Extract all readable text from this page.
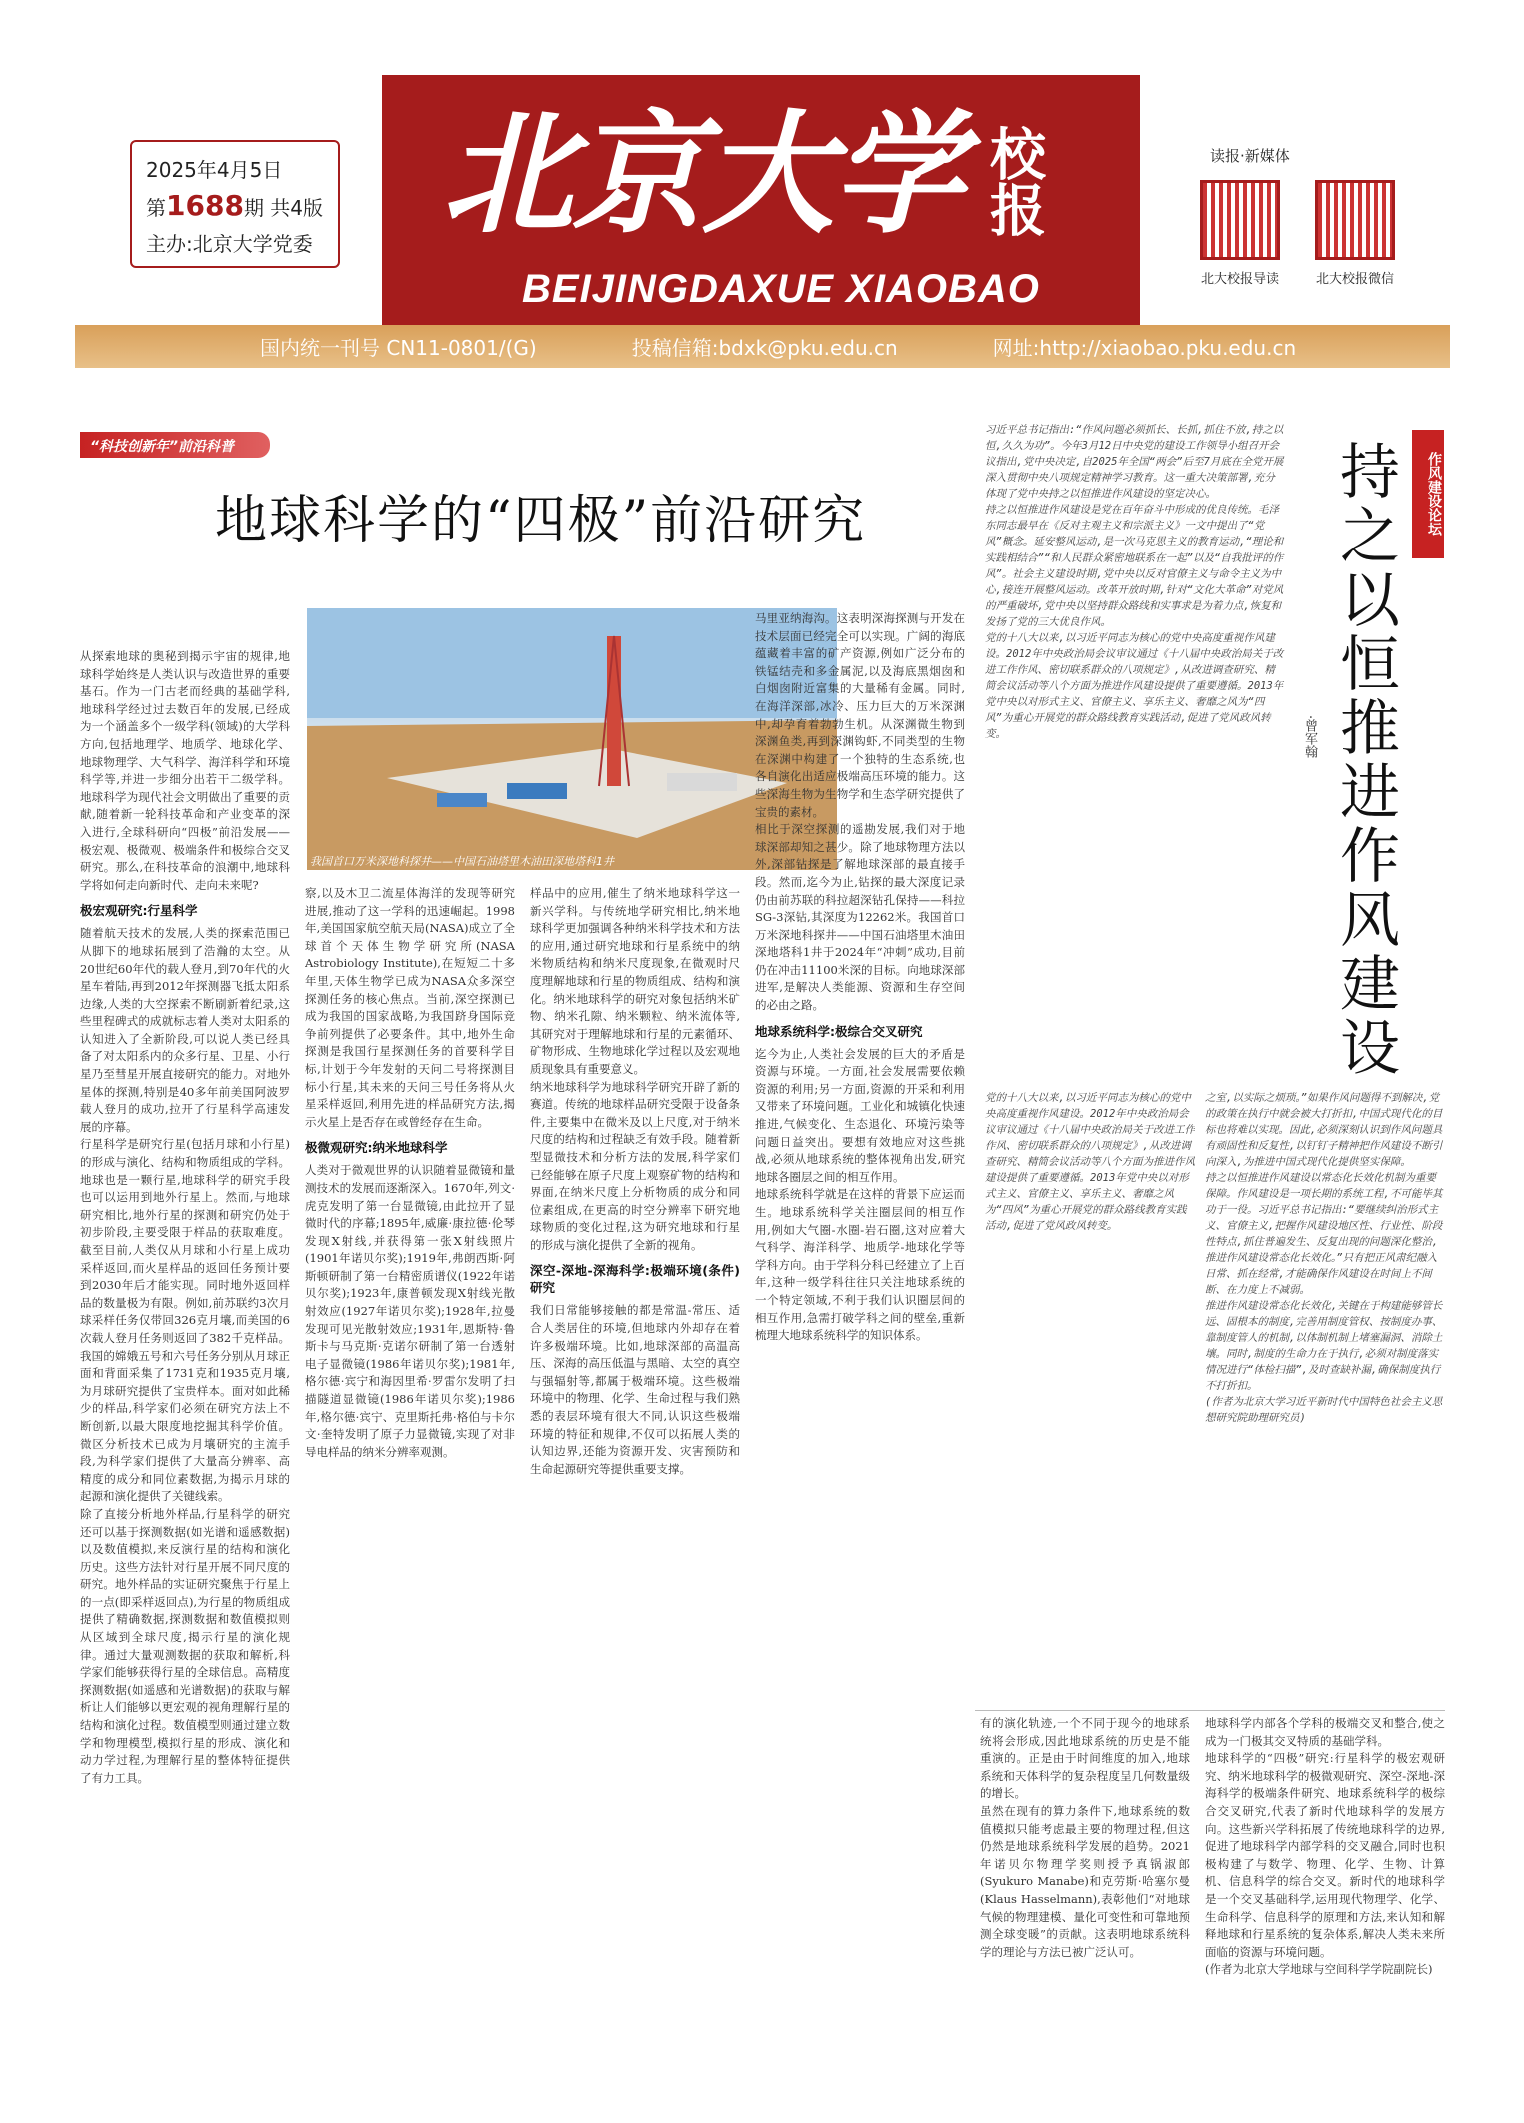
2025年4月5日
第1688期 共4版
主办:北京大学党委 北京大学 校报
BEIJINGDAXUE XIAOBAO
读报·新媒体
北大校报导读	北大校报微信
国内统一刊号 CN11-0801/(G)	投稿信箱:bdxk@pku.edu.cn	网址:http://xiaobao.pku.edu.cn
“科技创新年”前沿科普
地球科学的“四极”前沿研究
我国首口万米深地科探井——中国石油塔里木油田深地塔科1井

从探索地球的奥秘到揭示宇宙的规律,地球科学始终是人类认识与改造世界的重要基石。作为一门古老而经典的基础学科,地球科学经过过去数百年的发展,已经成为一个涵盖多个一级学科(领域)的大学科方向,包括地理学、地质学、地球化学、地球物理学、大气科学、海洋科学和环境科学等,并进一步细分出若干二级学科。地球科学为现代社会文明做出了重要的贡献,随着新一轮科技革命和产业变革的深入进行,全球科研向“四极”前沿发展——极宏观、极微观、极端条件和极综合交叉研究。那么,在科技革命的浪潮中,地球科学将如何走向新时代、走向未来呢?

极宏观研究:行星科学

随着航天技术的发展,人类的探索范围已从脚下的地球拓展到了浩瀚的太空。从20世纪60年代的载人登月,到70年代的火星车着陆,再到2012年探测器飞抵太阳系边缘,人类的大空探索不断刷新着纪录,这些里程碑式的成就标志着人类对太阳系的认知进入了全新阶段,可以说人类已经具备了对太阳系内的众多行星、卫星、小行星乃至彗星开展直接研究的能力。对地外星体的探测,特别是40多年前美国阿波罗载人登月的成功,拉开了行星科学高速发展的序幕。

行星科学是研究行星(包括月球和小行星)的形成与演化、结构和物质组成的学科。地球也是一颗行星,地球科学的研究手段也可以运用到地外行星上。然而,与地球研究相比,地外行星的探测和研究仍处于初步阶段,主要受限于样品的获取难度。截至目前,人类仅从月球和小行星上成功采样返回,而火星样品的返回任务预计要到2030年后才能实现。同时地外返回样品的数量极为有限。例如,前苏联约3次月球采样任务仅带回326克月壤,而美国的6次载人登月任务则返回了382千克样品。我国的嫦娥五号和六号任务分别从月球正面和背面采集了1731克和1935克月壤,为月球研究提供了宝贵样本。面对如此稀少的样品,科学家们必须在研究方法上不断创新,以最大限度地挖掘其科学价值。微区分析技术已成为月壤研究的主流手段,为科学家们提供了大量高分辨率、高精度的成分和同位素数据,为揭示月球的起源和演化提供了关键线索。

除了直接分析地外样品,行星科学的研究还可以基于探测数据(如光谱和遥感数据)以及数值模拟,来反演行星的结构和演化历史。这些方法针对行星开展不同尺度的研究。地外样品的实证研究聚焦于行星上的一点(即采样返回点),为行星的物质组成提供了精确数据,探测数据和数值模拟则从区域到全球尺度,揭示行星的演化规律。通过大量观测数据的获取和解析,科学家们能够获得行星的全球信息。高精度探测数据(如遥感和光谱数据)的获取与解析让人们能够以更宏观的视角理解行星的结构和演化过程。数值模型则通过建立数学和物理模型,模拟行星的形成、演化和动力学过程,为理解行星的整体特征提供了有力工具。

察,以及木卫二流星体海洋的发现等研究进展,推动了这一学科的迅速崛起。1998年,美国国家航空航天局(NASA)成立了全球首个天体生物学研究所(NASA Astrobiology Institute),在短短二十多年里,天体生物学已成为NASA众多深空探测任务的核心焦点。当前,深空探测已成为我国的国家战略,为我国跻身国际竞争前列提供了必要条件。其中,地外生命探测是我国行星探测任务的首要科学目标,计划于今年发射的天问二号将探测目标小行星,其未来的天问三号任务将从火星采样返回,利用先进的样品研究方法,揭示火星上是否存在或曾经存在生命。

极微观研究:纳米地球科学

人类对于微观世界的认识随着显微镜和量测技术的发展而逐渐深入。1670年,列文·虎克发明了第一台显微镜,由此拉开了显微时代的序幕;1895年,威廉·康拉德·伦琴发现X射线,并获得第一张X射线照片(1901年诺贝尔奖);1919年,弗朗西斯·阿斯顿研制了第一台精密质谱仪(1922年诺贝尔奖);1923年,康普顿发现X射线光散射效应(1927年诺贝尔奖);1928年,拉曼发现可见光散射效应;1931年,恩斯特·鲁斯卡与马克斯·克诺尔研制了第一台透射电子显微镜(1986年诺贝尔奖);1981年,格尔德·宾宁和海因里希·罗雷尔发明了扫描隧道显微镜(1986年诺贝尔奖);1986年,格尔德·宾宁、克里斯托弗·格伯与卡尔文·奎特发明了原子力显微镜,实现了对非导电样品的纳米分辨率观测。

样品中的应用,催生了纳米地球科学这一新兴学科。与传统地学研究相比,纳米地球科学更加强调各种纳米科学技术和方法的应用,通过研究地球和行星系统中的纳米物质结构和纳米尺度现象,在微观时尺度理解地球和行星的物质组成、结构和演化。纳米地球科学的研究对象包括纳米矿物、纳米孔隙、纳米颗粒、纳米流体等,其研究对于理解地球和行星的元素循环、矿物形成、生物地球化学过程以及宏观地质现象具有重要意义。

纳米地球科学为地球科学研究开辟了新的赛道。传统的地球样品研究受限于设备条件,主要集中在微米及以上尺度,对于纳米尺度的结构和过程缺乏有效手段。随着新型显微技术和分析方法的发展,科学家们已经能够在原子尺度上观察矿物的结构和界面,在纳米尺度上分析物质的成分和同位素组成,在更高的时空分辨率下研究地球物质的变化过程,这为研究地球和行星的形成与演化提供了全新的视角。

深空-深地-深海科学:极端环境(条件)研究

我们日常能够接触的都是常温-常压、适合人类居住的环境,但地球内外却存在着许多极端环境。比如,地球深部的高温高压、深海的高压低温与黑暗、太空的真空与强辐射等,都属于极端环境。这些极端环境中的物理、化学、生命过程与我们熟悉的表层环境有很大不同,认识这些极端环境的特征和规律,不仅可以拓展人类的认知边界,还能为资源开发、灾害预防和生命起源研究等提供重要支撑。

马里亚纳海沟。这表明深海探测与开发在技术层面已经完全可以实现。广阔的海底蕴藏着丰富的矿产资源,例如广泛分布的铁锰结壳和多金属泥,以及海底黑烟囱和白烟囱附近富集的大量稀有金属。同时,在海洋深部,冰冷、压力巨大的万米深渊中,却孕育着勃勃生机。从深渊微生物到深渊鱼类,再到深渊钩虾,不同类型的生物在深渊中构建了一个独特的生态系统,也各自演化出适应极端高压环境的能力。这些深海生物为生物学和生态学研究提供了宝贵的素材。

相比于深空探测的遥勘发展,我们对于地球深部却知之甚少。除了地球物理方法以外,深部钻探是了解地球深部的最直接手段。然而,迄今为止,钻探的最大深度记录仍由前苏联的科拉超深钻孔保持——科拉SG-3深钻,其深度为12262米。我国首口万米深地科探井——中国石油塔里木油田深地塔科1井于2024年“冲刺”成功,目前仍在冲击11100米深的目标。向地球深部进军,是解决人类能源、资源和生存空间的必由之路。

地球系统科学:极综合交叉研究

迄今为止,人类社会发展的巨大的矛盾是资源与环境。一方面,社会发展需要依赖资源的利用;另一方面,资源的开采和利用又带来了环境问题。工业化和城镇化快速推进,气候变化、生态退化、环境污染等问题日益突出。要想有效地应对这些挑战,必须从地球系统的整体视角出发,研究地球各圈层之间的相互作用。

地球系统科学就是在这样的背景下应运而生。地球系统科学关注圈层间的相互作用,例如大气圈-水圈-岩石圈,这对应着大气科学、海洋科学、地质学-地球化学等学科方向。由于学科分科已经建立了上百年,这种一级学科往往只关注地球系统的一个特定领域,不利于我们认识圈层间的相互作用,急需打破学科之间的壁垒,重新梳理大地球系统科学的知识体系。

有的演化轨迹,一个不同于现今的地球系统将会形成,因此地球系统的历史是不能重演的。正是由于时间维度的加入,地球系统和天体科学的复杂程度呈几何数量级的增长。

虽然在现有的算力条件下,地球系统的数值模拟只能考虑最主要的物理过程,但这仍然是地球系统科学发展的趋势。2021年诺贝尔物理学奖则授予真锅淑郎(Syukuro Manabe)和克劳斯·哈塞尔曼(Klaus Hasselmann),表彰他们“对地球气候的物理建模、量化可变性和可靠地预测全球变暖”的贡献。这表明地球系统科学的理论与方法已被广泛认可。

地球科学内部各个学科的极端交叉和整合,使之成为一门极其交叉特质的基础学科。

地球科学的“四极”研究:行星科学的极宏观研究、纳米地球科学的极微观研究、深空-深地-深海科学的极端条件研究、地球系统科学的极综合交叉研究,代表了新时代地球科学的发展方向。这些新兴学科拓展了传统地球科学的边界,促进了地球科学内部学科的交叉融合,同时也积极构建了与数学、物理、化学、生物、计算机、信息科学的综合交叉。新时代的地球科学是一个交叉基础科学,运用现代物理学、化学、生命科学、信息科学的原理和方法,来认知和解释地球和行星系统的复杂体系,解决人类未来所面临的资源与环境问题。

(作者为北京大学地球与空间科学学院副院长)

作风建设论坛
持之以恒推进作风建设
·曾军翰

习近平总书记指出:“作风问题必须抓长、长抓,抓住不放,持之以恒,久久为功”。今年3月12日中央党的建设工作领导小组召开会议指出,党中央决定,自2025年全国“两会”后至7月底在全党开展深入贯彻中央八项规定精神学习教育。这一重大决策部署,充分体现了党中央持之以恒推进作风建设的坚定决心。

持之以恒推进作风建设是党在百年奋斗中形成的优良传统。毛泽东同志最早在《反对主观主义和宗派主义》一文中提出了“党风”概念。延安整风运动,是一次马克思主义的教育运动,“理论和实践相结合”“和人民群众紧密地联系在一起”以及“自我批评的作风”。社会主义建设时期,党中央以反对官僚主义与命令主义为中心,接连开展整风运动。改革开放时期,针对“文化大革命”对党风的严重破坏,党中央以坚持群众路线和实事求是为着力点,恢复和发扬了党的三大优良作风。

党的十八大以来,以习近平同志为核心的党中央高度重视作风建设。2012年中央政治局会议审议通过《十八届中央政治局关于改进工作作风、密切联系群众的八项规定》,从改进调查研究、精简会议活动等八个方面为推进作风建设提供了重要遵循。2013年党中央以对形式主义、官僚主义、享乐主义、奢靡之风为“四风”为重心开展党的群众路线教育实践活动,促进了党风政风转变。

之室,以实际之烦琐。”如果作风问题得不到解决,党的政策在执行中就会被大打折扣,中国式现代化的目标也将难以实现。因此,必须深刻认识到作风问题具有顽固性和反复性,以钉钉子精神把作风建设不断引向深入,为推进中国式现代化提供坚实保障。

持之以恒推进作风建设以常态化长效化机制为重要保障。作风建设是一项长期的系统工程,不可能毕其功于一役。习近平总书记指出:“要继续纠治形式主义、官僚主义,把握作风建设地区性、行业性、阶段性特点,抓住普遍发生、反复出现的问题深化整治,推进作风建设常态化长效化。”只有把正风肃纪融入日常、抓在经常,才能确保作风建设在时间上不间断、在力度上不减弱。

推进作风建设常态化长效化,关键在于构建能够管长远、固根本的制度,完善用制度管权、按制度办事、靠制度管人的机制,以体制机制上堵塞漏洞、消除土壤。同时,制度的生命力在于执行,必须对制度落实情况进行“体检扫描”,及时查缺补漏,确保制度执行不打折扣。

(作者为北京大学习近平新时代中国特色社会主义思想研究院助理研究员)

党的十八大以来,以习近平同志为核心的党中央高度重视作风建设。2012年中央政治局会议审议通过《十八届中央政治局关于改进工作作风、密切联系群众的八项规定》,从改进调查研究、精简会议活动等八个方面为推进作风建设提供了重要遵循。2013年党中央以对形式主义、官僚主义、享乐主义、奢靡之风为“四风”为重心开展党的群众路线教育实践活动,促进了党风政风转变。
